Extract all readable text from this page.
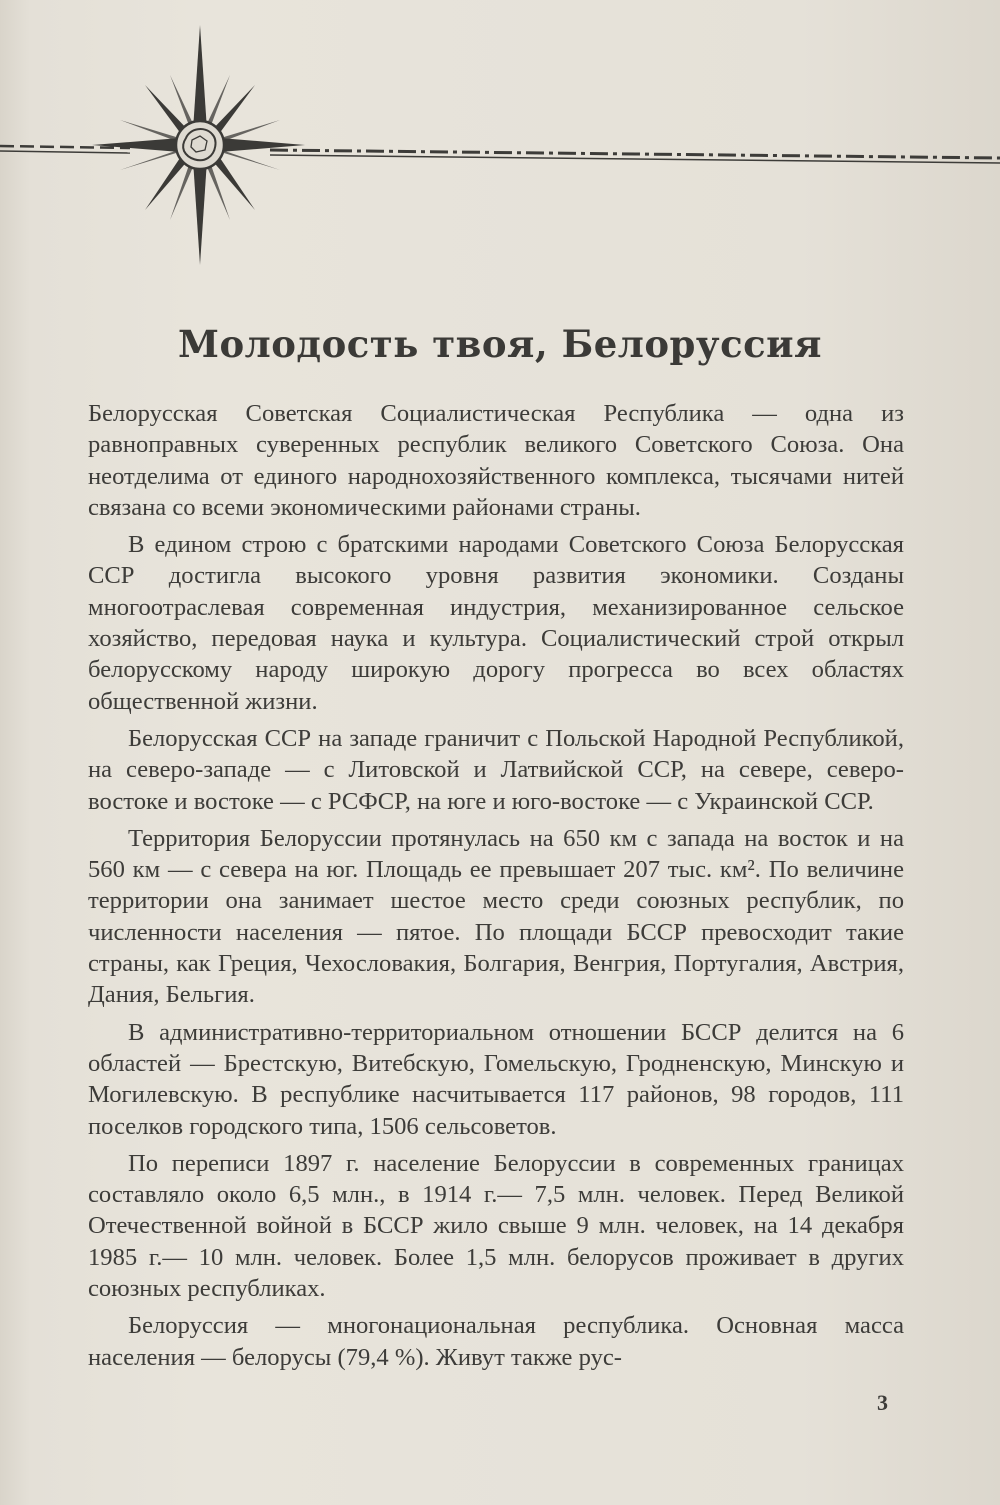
Молодость твоя, Белоруссия

Белорусская Советская Социалистическая Республика — одна из равноправных суверенных республик великого Советского Союза. Она неотделима от единого народнохозяйственного комплекса, тысячами нитей связана со всеми экономическими районами страны.

В едином строю с братскими народами Советского Союза Белорусская ССР достигла высокого уровня развития экономики. Созданы многоотраслевая современная индустрия, механизированное сельское хозяйство, передовая наука и культура. Социалистический строй открыл белорусскому народу широкую дорогу прогресса во всех областях общественной жизни.

Белорусская ССР на западе граничит с Польской Народной Республикой, на северо-западе — с Литовской и Латвийской ССР, на севере, северо-востоке и востоке — с РСФСР, на юге и юго-востоке — с Украинской ССР.

Территория Белоруссии протянулась на 650 км с запада на восток и на 560 км — с севера на юг. Площадь ее превышает 207 тыс. км². По величине территории она занимает шестое место среди союзных республик, по численности населения — пятое. По площади БССР превосходит такие страны, как Греция, Чехословакия, Болгария, Венгрия, Португалия, Австрия, Дания, Бельгия.

В административно-территориальном отношении БССР делится на 6 областей — Брестскую, Витебскую, Гомельскую, Гродненскую, Минскую и Могилевскую. В республике насчитывается 117 районов, 98 городов, 111 поселков городского типа, 1506 сельсоветов.

По переписи 1897 г. население Белоруссии в современных границах составляло около 6,5 млн., в 1914 г.— 7,5 млн. человек. Перед Великой Отечественной войной в БССР жило свыше 9 млн. человек, на 14 декабря 1985 г.— 10 млн. человек. Более 1,5 млн. белорусов проживает в других союзных республиках.

Белоруссия — многонациональная республика. Основная масса населения — белорусы (79,4 %). Живут также рус-

3
